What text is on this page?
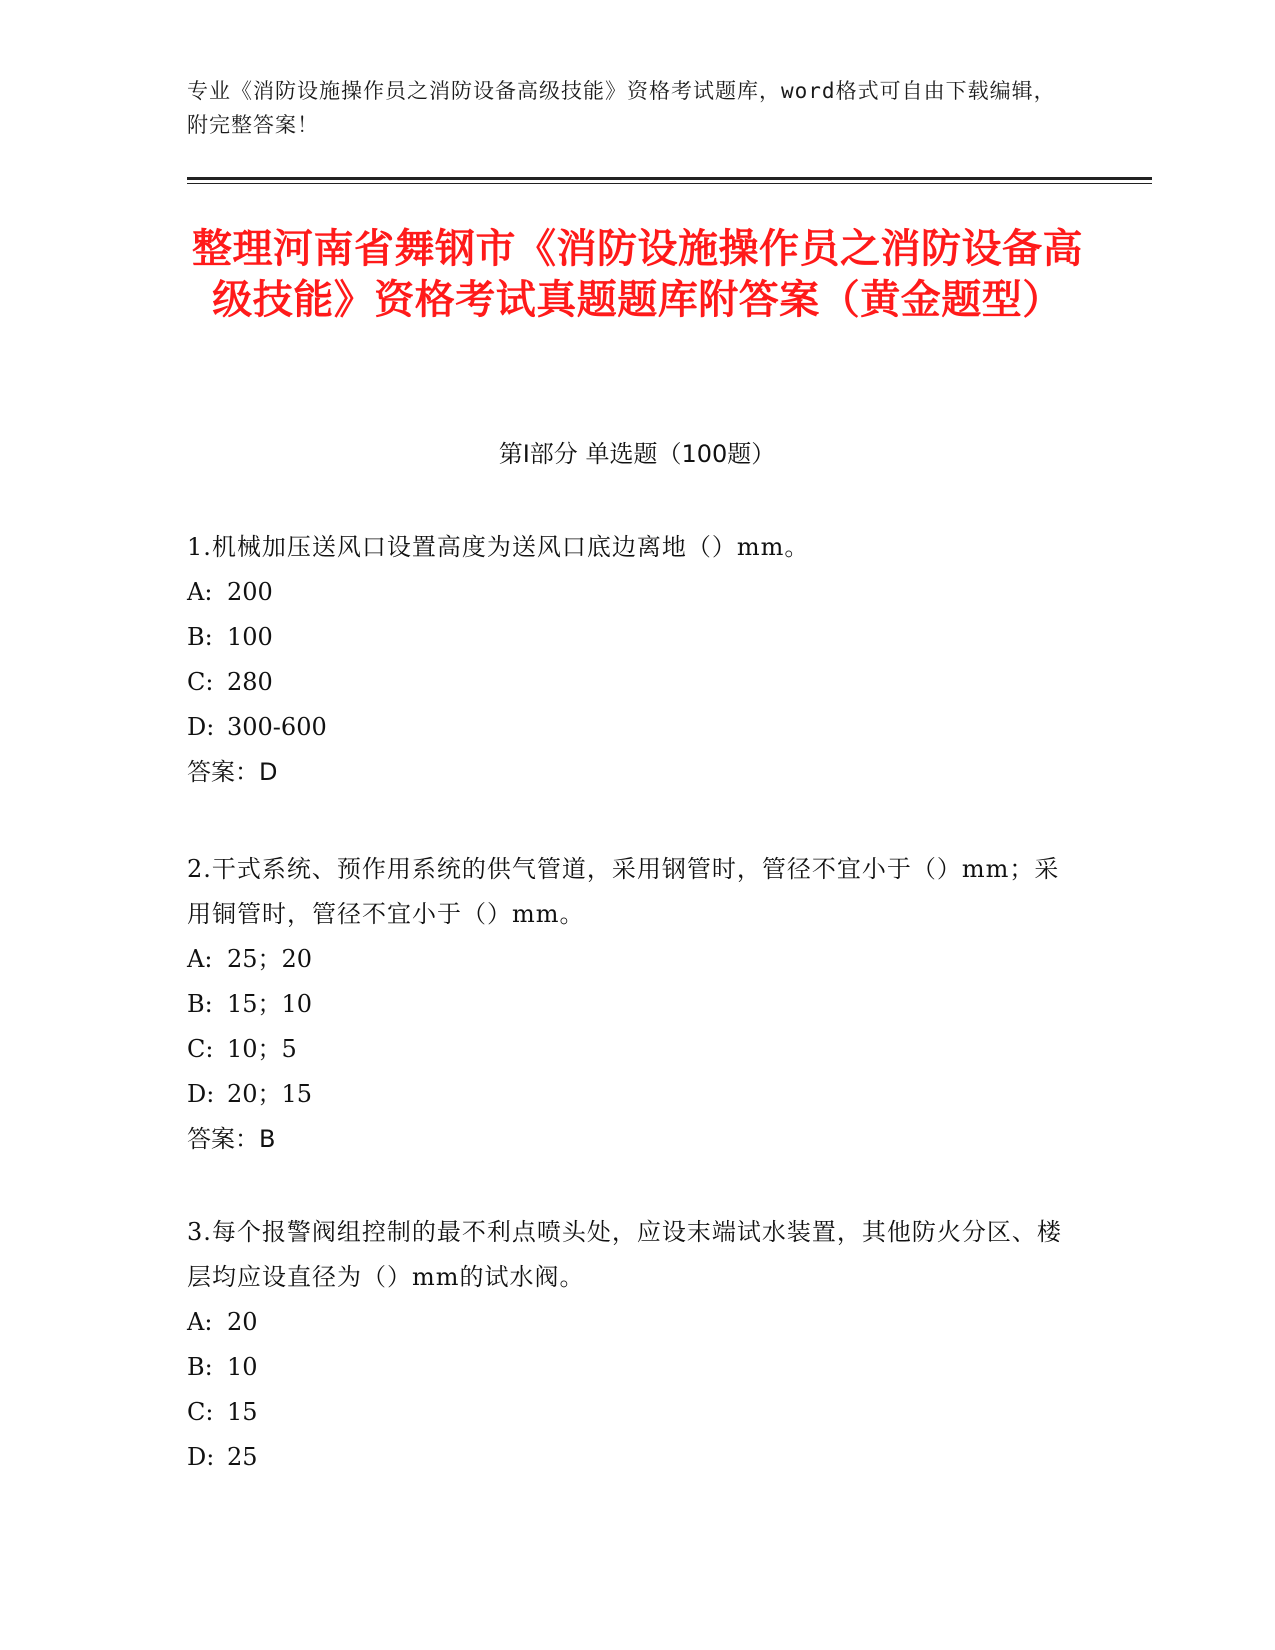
专业《消防设施操作员之消防设备高级技能》资格考试题库，word格式可自由下载编辑，附完整答案！
整理河南省舞钢市《消防设施操作员之消防设备高级技能》资格考试真题题库附答案（黄金题型）
第Ⅰ部分 单选题（100题）

1.机械加压送风口设置高度为送风口底边离地（）mm。

A: 200

B: 100

C: 280

D: 300-600

答案：D

2.干式系统、预作用系统的供气管道，采用钢管时，管径不宜小于（）mm；采用铜管时，管径不宜小于（）mm。

A: 25；20

B: 15；10

C: 10；5

D: 20；15

答案：B

3.每个报警阀组控制的最不利点喷头处，应设末端试水装置，其他防火分区、楼层均应设直径为（）mm的试水阀。

A: 20

B: 10

C: 15

D: 25
